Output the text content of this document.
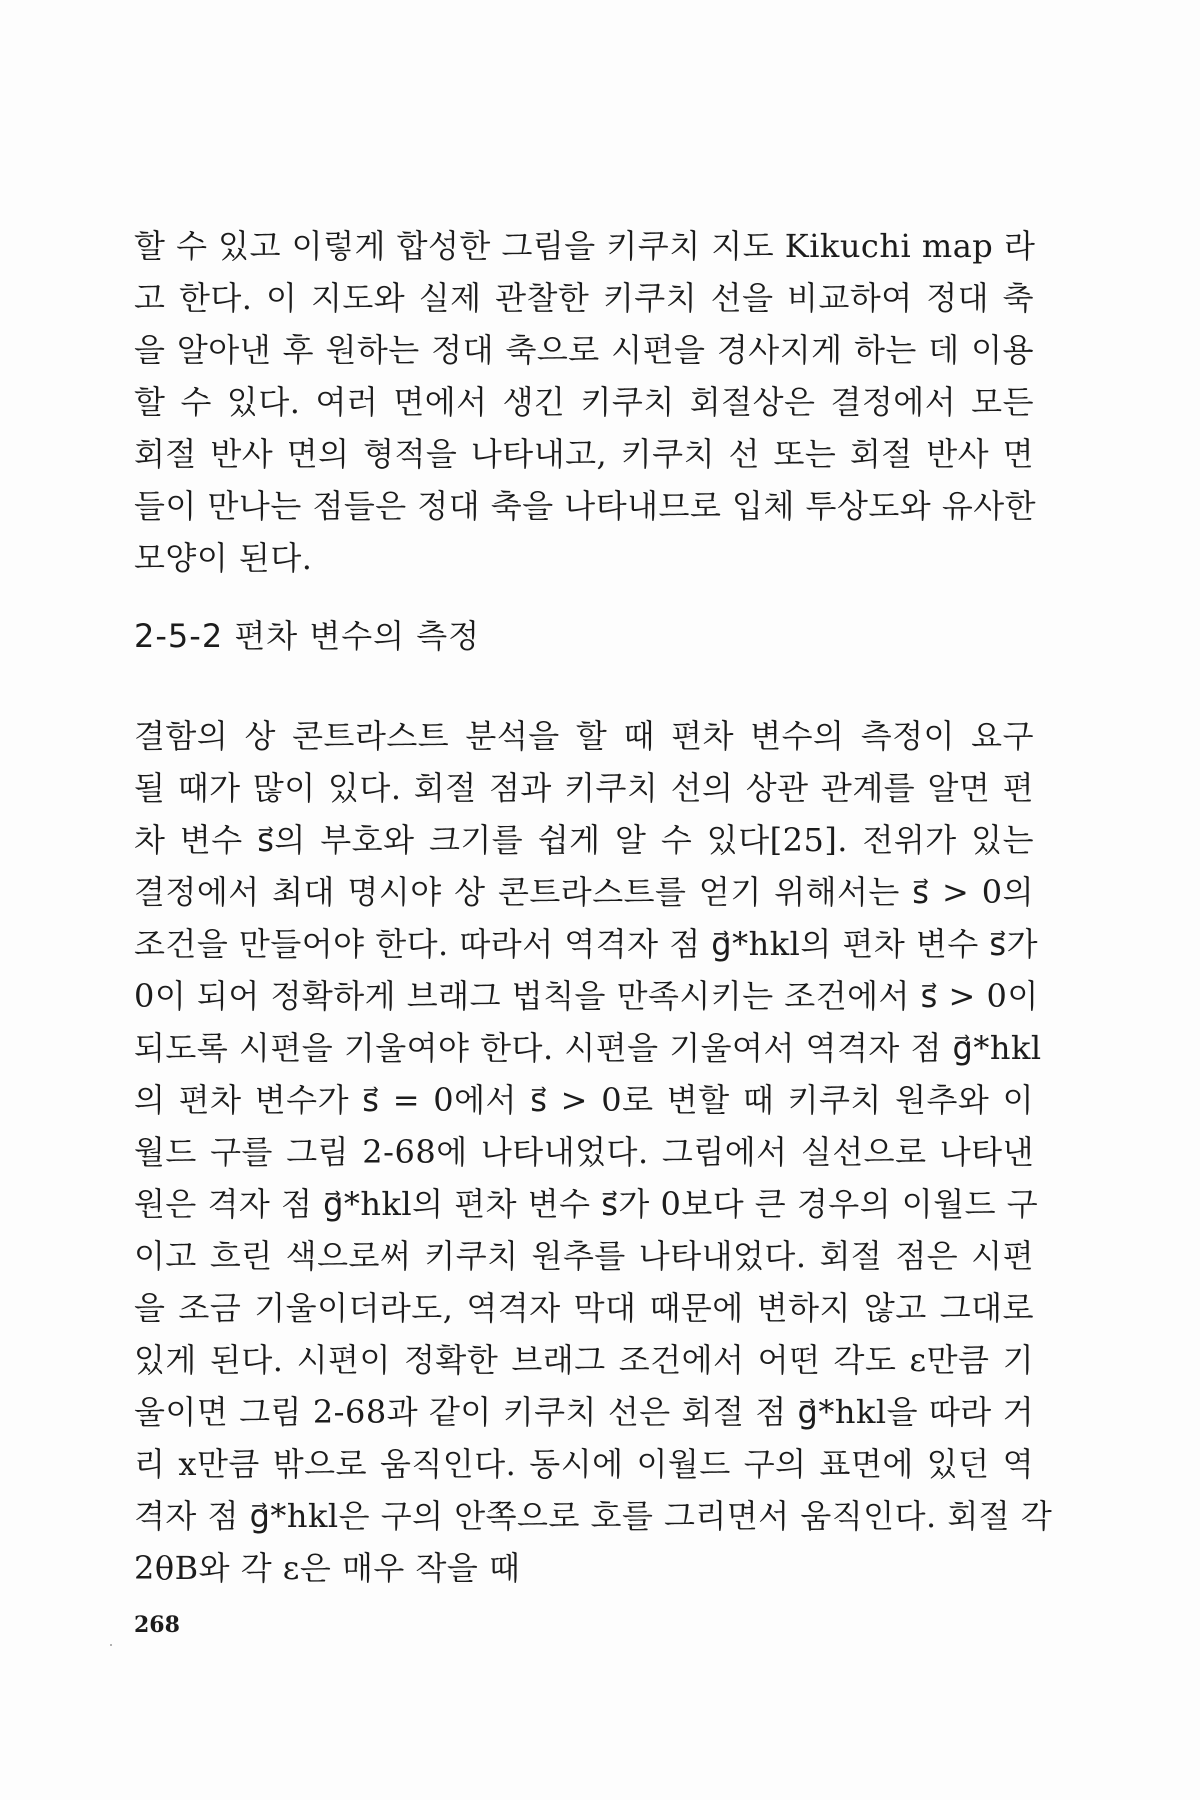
할 수 있고 이렇게 합성한 그림을 키쿠치 지도 Kikuchi map 라
고 한다. 이 지도와 실제 관찰한 키쿠치 선을 비교하여 정대 축
을 알아낸 후 원하는 정대 축으로 시편을 경사지게 하는 데 이용
할 수 있다. 여러 면에서 생긴 키쿠치 회절상은 결정에서 모든
회절 반사 면의 형적을 나타내고, 키쿠치 선 또는 회절 반사 면
들이 만나는 점들은 정대 축을 나타내므로 입체 투상도와 유사한
모양이 된다.
2-5-2 편차 변수의 측정
결함의 상 콘트라스트 분석을 할 때 편차 변수의 측정이 요구
될 때가 많이 있다. 회절 점과 키쿠치 선의 상관 관계를 알면 편
차 변수 s⃗의 부호와 크기를 쉽게 알 수 있다[25]. 전위가 있는
결정에서 최대 명시야 상 콘트라스트를 얻기 위해서는 s⃗ > 0의
조건을 만들어야 한다. 따라서 역격자 점 g⃗*hkl의 편차 변수 s⃗가
0이 되어 정확하게 브래그 법칙을 만족시키는 조건에서 s⃗ > 0이
되도록 시편을 기울여야 한다. 시편을 기울여서 역격자 점 g⃗*hkl
의 편차 변수가 s⃗ = 0에서 s⃗ > 0로 변할 때 키쿠치 원추와 이
월드 구를 그림 2-68에 나타내었다. 그림에서 실선으로 나타낸
원은 격자 점 g⃗*hkl의 편차 변수 s⃗가 0보다 큰 경우의 이월드 구
이고 흐린 색으로써 키쿠치 원추를 나타내었다. 회절 점은 시편
을 조금 기울이더라도, 역격자 막대 때문에 변하지 않고 그대로
있게 된다. 시편이 정확한 브래그 조건에서 어떤 각도 ε만큼 기
울이면 그림 2-68과 같이 키쿠치 선은 회절 점 g⃗*hkl을 따라 거
리 x만큼 밖으로 움직인다. 동시에 이월드 구의 표면에 있던 역
격자 점 g⃗*hkl은 구의 안쪽으로 호를 그리면서 움직인다. 회절 각
2θB와 각 ε은 매우 작을 때
268
